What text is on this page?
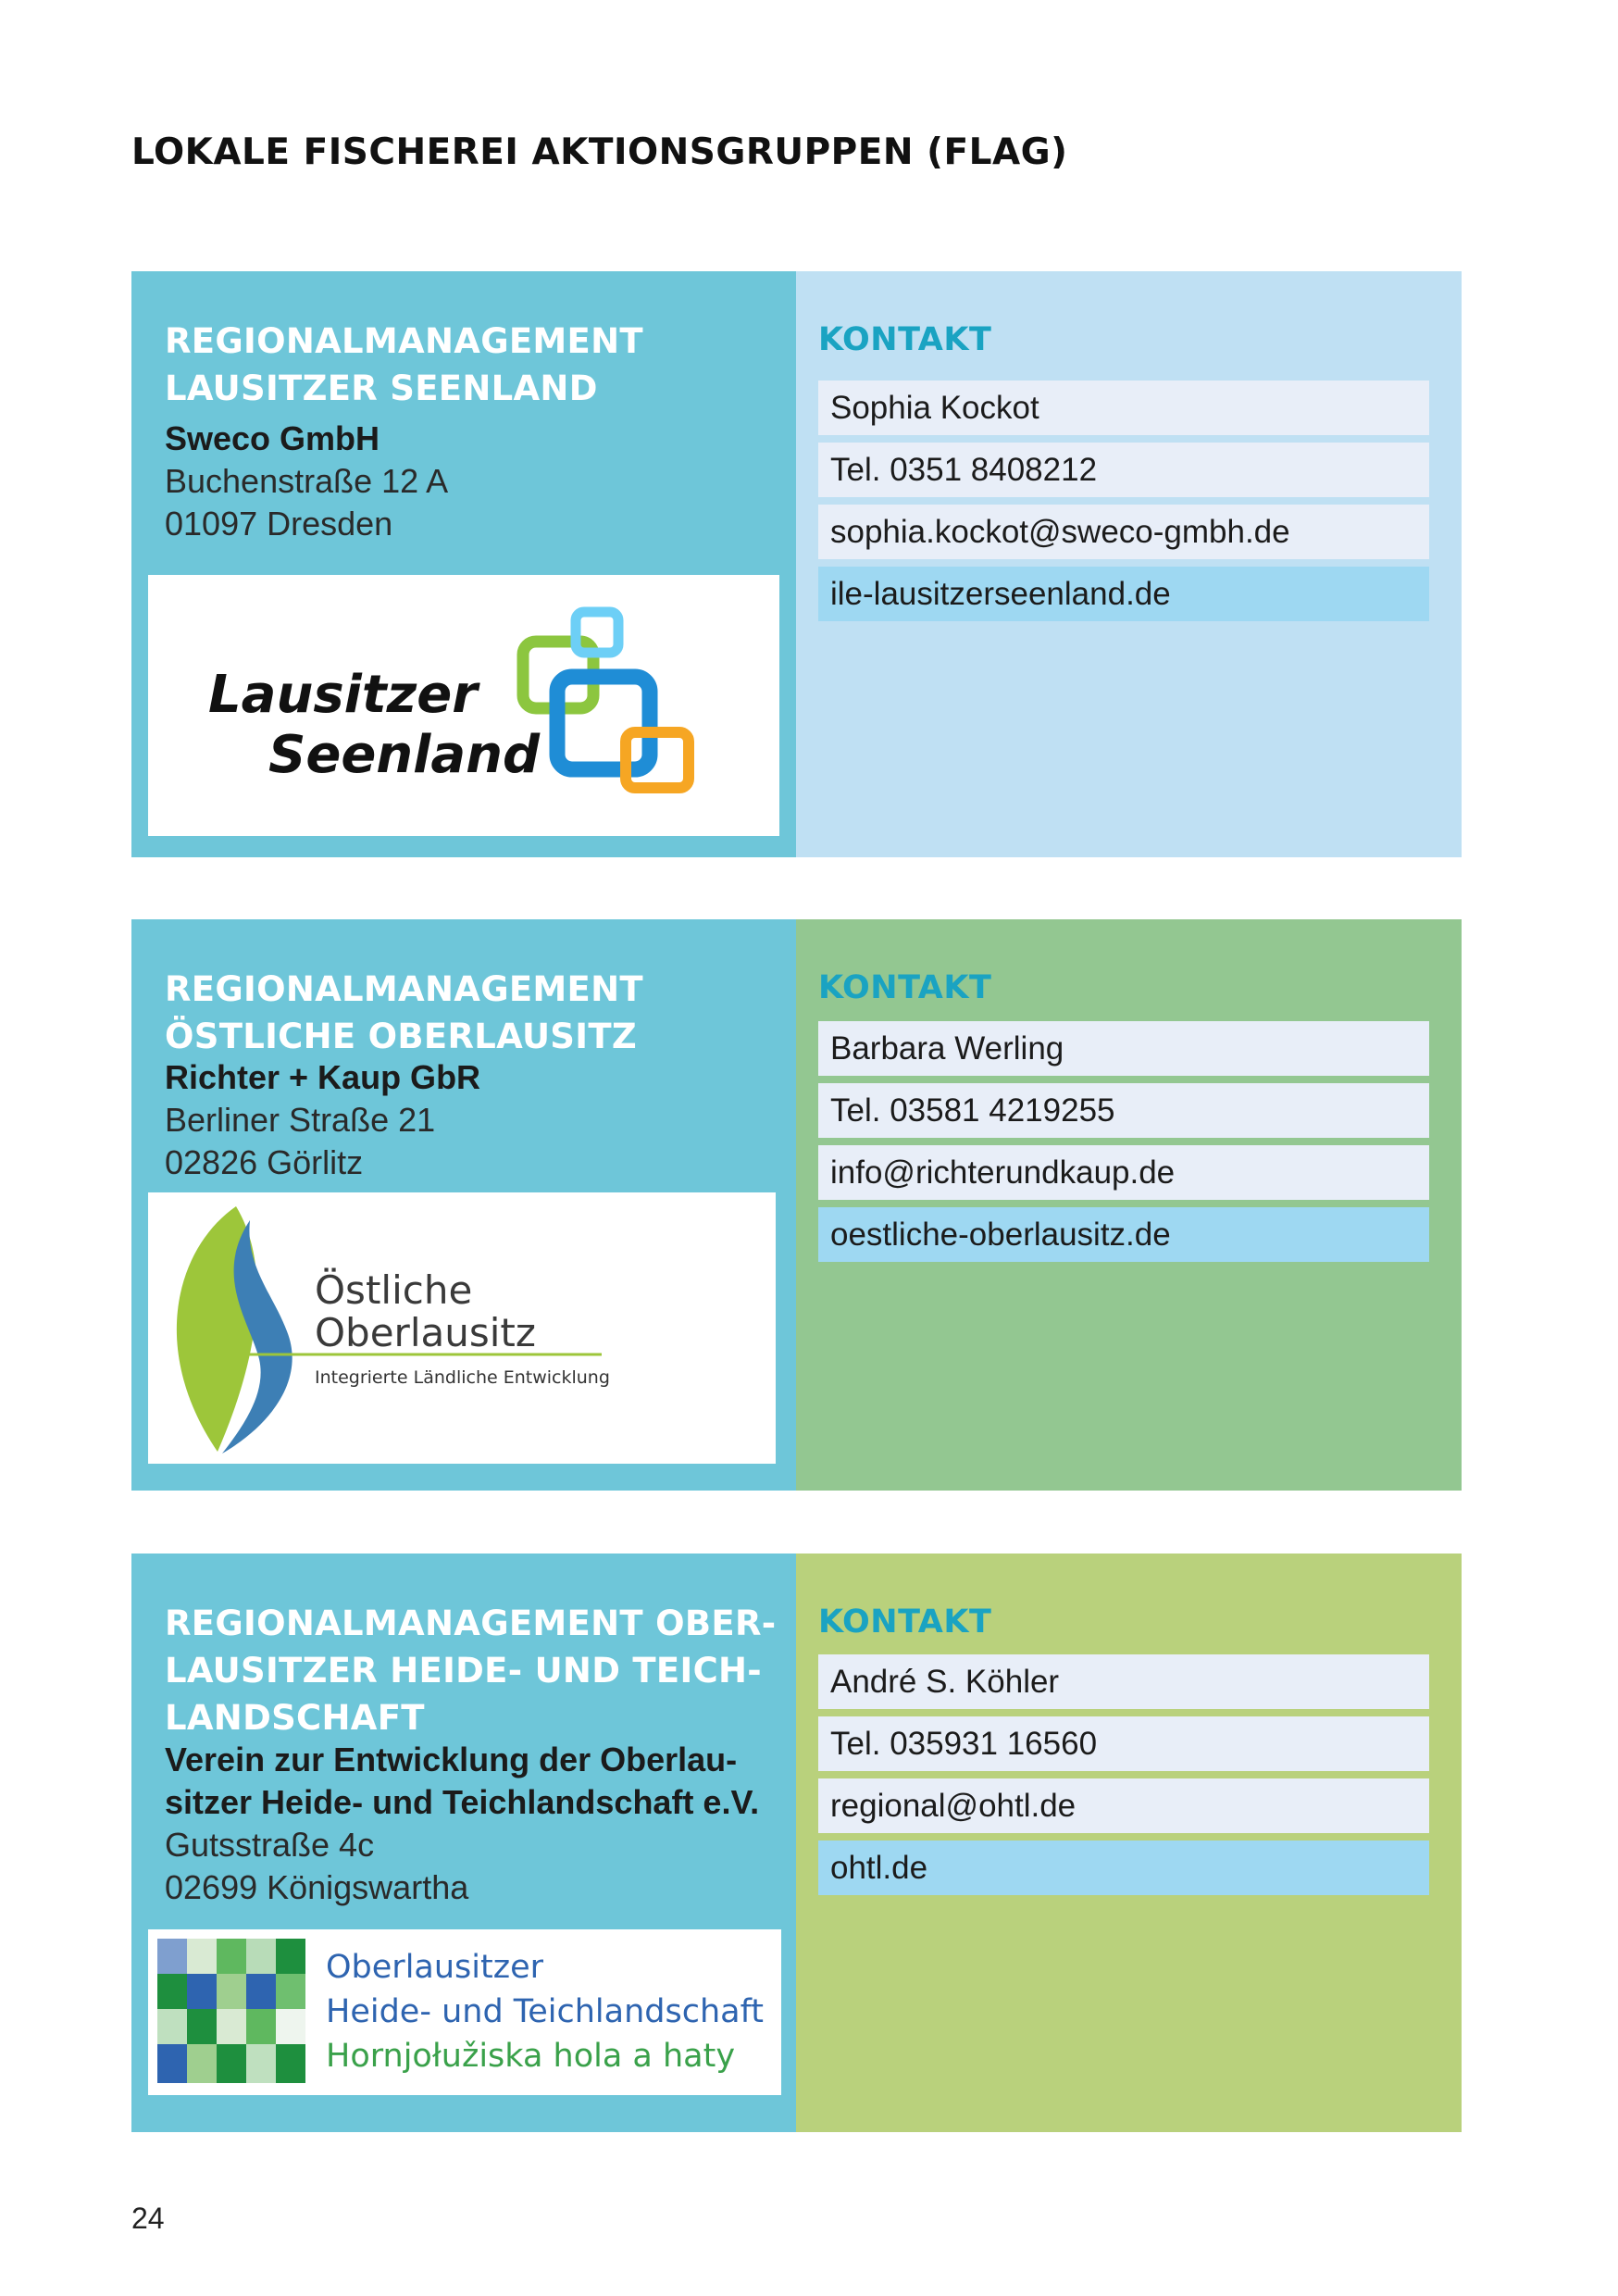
LOKALE FISCHEREI AKTIONSGRUPPEN (FLAG)
REGIONALMANAGEMENT
LAUSITZER SEENLAND
Sweco GmbH
Buchenstraße 12 A
01097 Dresden
Lausitzer
Seenland
KONTAKT
Sophia Kockot
Tel. 0351 8408212
sophia.kockot@sweco-gmbh.de
ile-lausitzerseenland.de
REGIONALMANAGEMENT
ÖSTLICHE OBERLAUSITZ
Richter + Kaup GbR
Berliner Straße 21
02826 Görlitz
Östliche
Oberlausitz
Integrierte Ländliche Entwicklung
KONTAKT
Barbara Werling
Tel. 03581 4219255
info@richterundkaup.de
oestliche-oberlausitz.de
REGIONALMANAGEMENT OBER-
LAUSITZER HEIDE- UND TEICH-
LANDSCHAFT
Verein zur Entwicklung der Oberlau-
sitzer Heide- und Teichlandschaft e.V.
Gutsstraße 4c
02699 Königswartha
Oberlausitzer
Heide- und Teichlandschaft
Hornjołužiska hola a haty
KONTAKT
André S. Köhler
Tel. 035931 16560
regional@ohtl.de
ohtl.de
24
